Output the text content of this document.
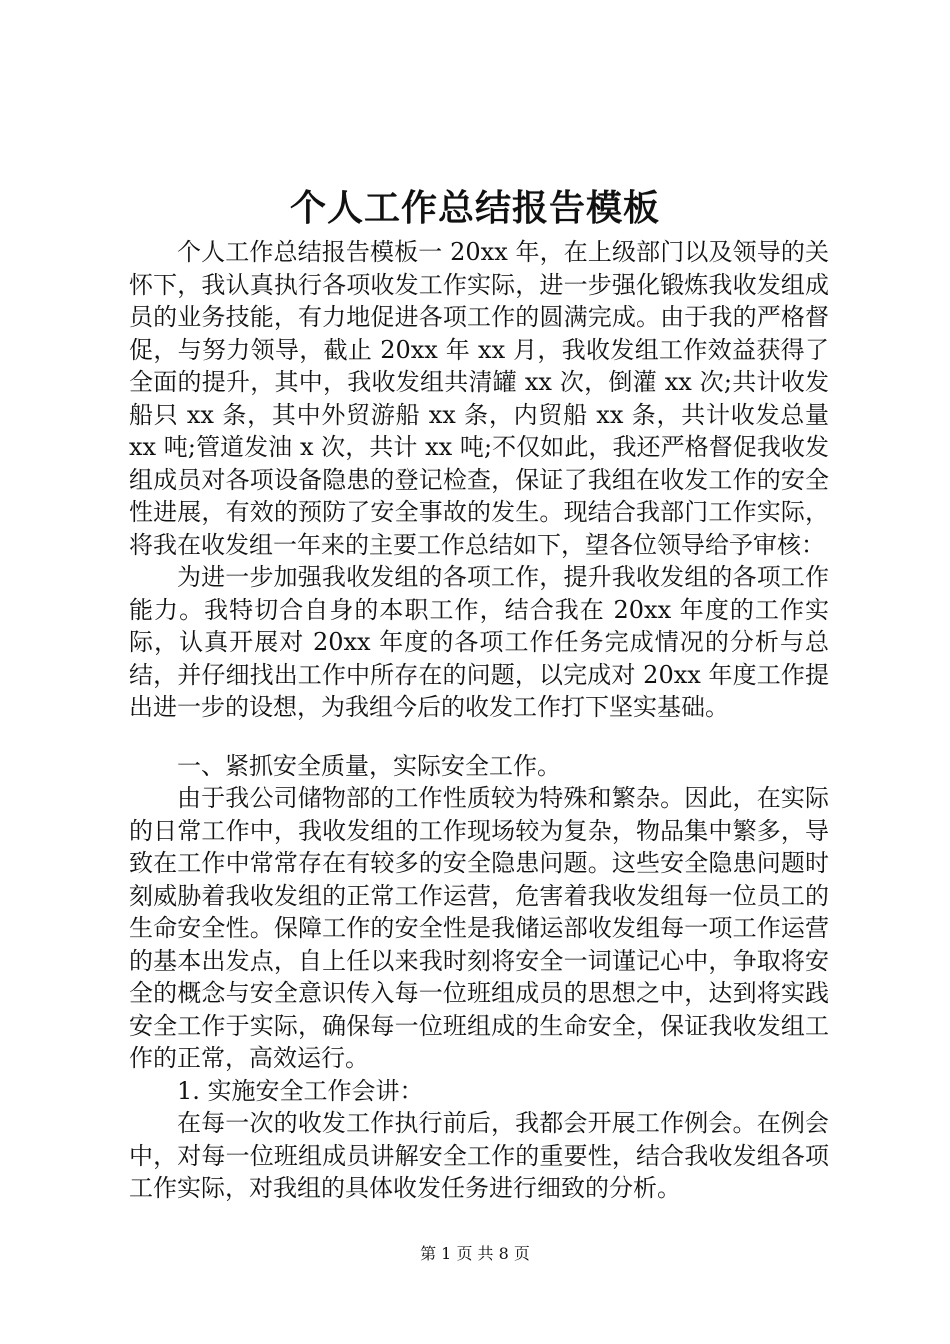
个人工作总结报告模板

个人工作总结报告模板一 20xx 年，在上级部门以及领导的关怀下，我认真执行各项收发工作实际，进一步强化锻炼我收发组成员的业务技能，有力地促进各项工作的圆满完成。由于我的严格督促，与努力领导，截止 20xx 年 xx 月，我收发组工作效益获得了全面的提升，其中，我收发组共清罐 xx 次，倒灌 xx 次;共计收发船只 xx 条，其中外贸游船 xx 条，内贸船 xx 条，共计收发总量 xx 吨;管道发油 x 次，共计 xx 吨;不仅如此，我还严格督促我收发组成员对各项设备隐患的登记检查，保证了我组在收发工作的安全性进展，有效的预防了安全事故的发生。现结合我部门工作实际，将我在收发组一年来的主要工作总结如下，望各位领导给予审核：

为进一步加强我收发组的各项工作，提升我收发组的各项工作能力。我特切合自身的本职工作，结合我在 20xx 年度的工作实际，认真开展对 20xx 年度的各项工作任务完成情况的分析与总结，并仔细找出工作中所存在的问题，以完成对 20xx 年度工作提出进一步的设想，为我组今后的收发工作打下坚实基础。

一、紧抓安全质量，实际安全工作。

由于我公司储物部的工作性质较为特殊和繁杂。因此，在实际的日常工作中，我收发组的工作现场较为复杂，物品集中繁多，导致在工作中常常存在有较多的安全隐患问题。这些安全隐患问题时刻威胁着我收发组的正常工作运营，危害着我收发组每一位员工的生命安全性。保障工作的安全性是我储运部收发组每一项工作运营的基本出发点，自上任以来我时刻将安全一词谨记心中，争取将安全的概念与安全意识传入每一位班组成员的思想之中，达到将实践安全工作于实际，确保每一位班组成的生命安全，保证我收发组工作的正常，高效运行。

1. 实施安全工作会讲：

在每一次的收发工作执行前后，我都会开展工作例会。在例会中，对每一位班组成员讲解安全工作的重要性，结合我收发组各项工作实际，对我组的具体收发任务进行细致的分析。

第 1 页 共 8 页
